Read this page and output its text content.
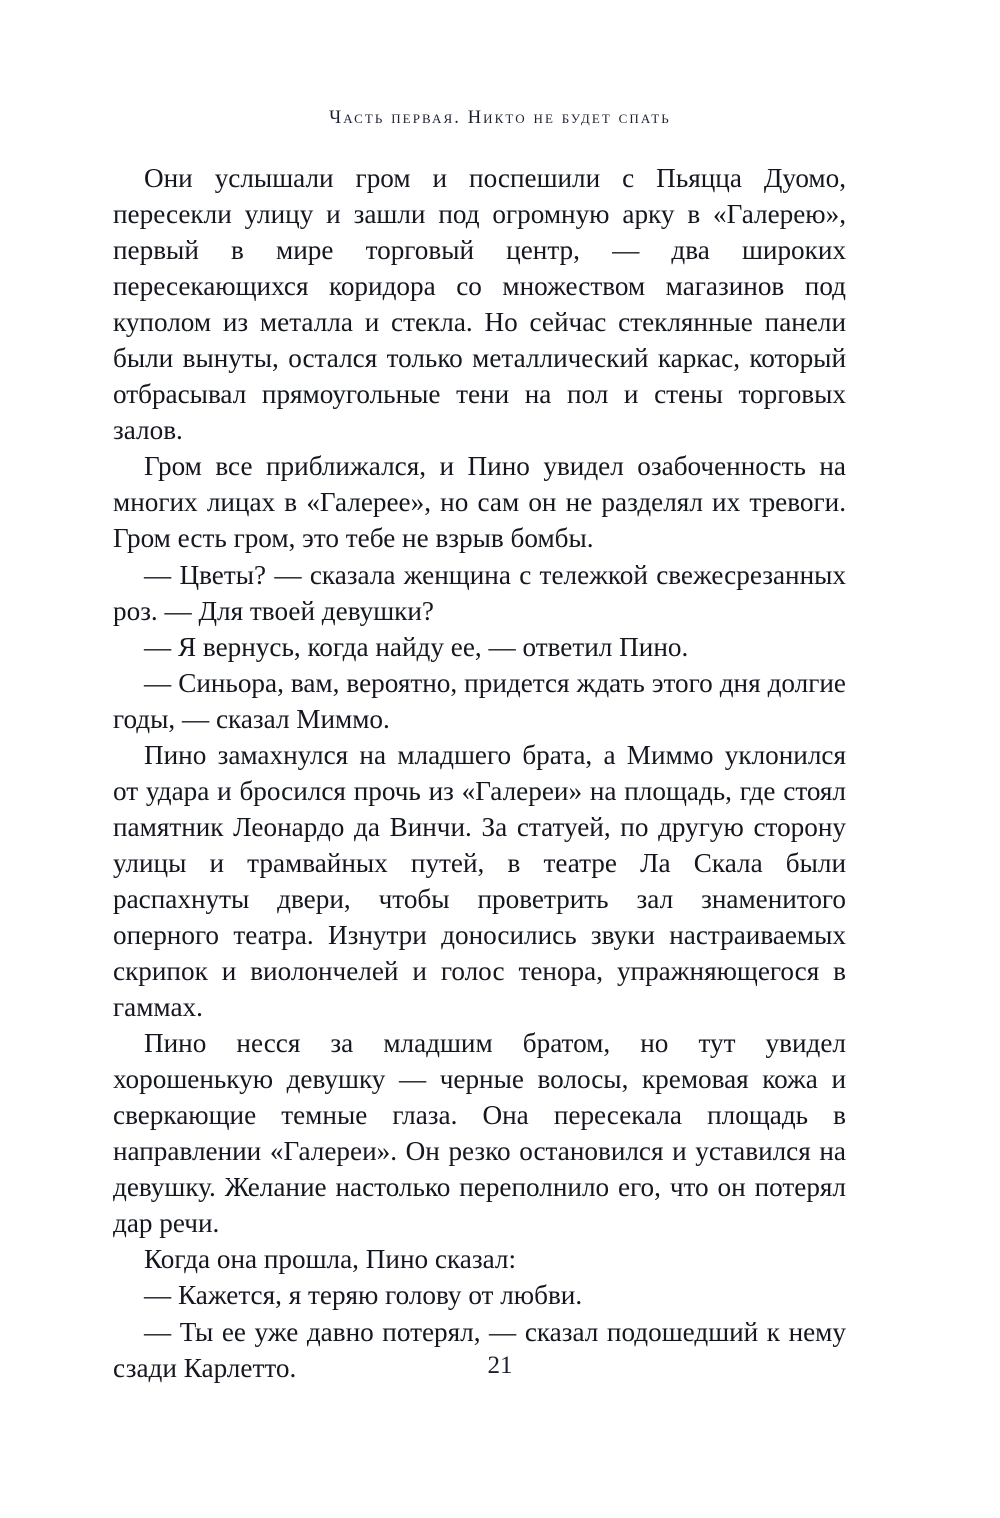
Часть первая. Никто не будет спать

Они услышали гром и поспешили с Пьяцца Дуомо, пересекли улицу и зашли под огромную арку в «Галерею», первый в мире торговый центр, — два широких пересекающихся коридора со множеством магазинов под куполом из металла и стекла. Но сейчас стеклянные панели были вынуты, остался только металлический каркас, который отбрасывал прямоугольные тени на пол и стены торговых залов.

Гром все приближался, и Пино увидел озабоченность на многих лицах в «Галерее», но сам он не разделял их тревоги. Гром есть гром, это тебе не взрыв бомбы.

— Цветы? — сказала женщина с тележкой свежесрезанных роз. — Для твоей девушки?

— Я вернусь, когда найду ее, — ответил Пино.

— Синьора, вам, вероятно, придется ждать этого дня долгие годы, — сказал Миммо.

Пино замахнулся на младшего брата, а Миммо уклонился от удара и бросился прочь из «Галереи» на площадь, где стоял памятник Леонардо да Винчи. За статуей, по другую сторону улицы и трамвайных путей, в театре Ла Скала были распахнуты двери, чтобы проветрить зал знаменитого оперного театра. Изнутри доносились звуки настраиваемых скрипок и виолончелей и голос тенора, упражняющегося в гаммах.

Пино несся за младшим братом, но тут увидел хорошенькую девушку — черные волосы, кремовая кожа и сверкающие темные глаза. Она пересекала площадь в направлении «Галереи». Он резко остановился и уставился на девушку. Желание настолько переполнило его, что он потерял дар речи.

Когда она прошла, Пино сказал:

— Кажется, я теряю голову от любви.

— Ты ее уже давно потерял, — сказал подошедший к нему сзади Карлетто.	21
